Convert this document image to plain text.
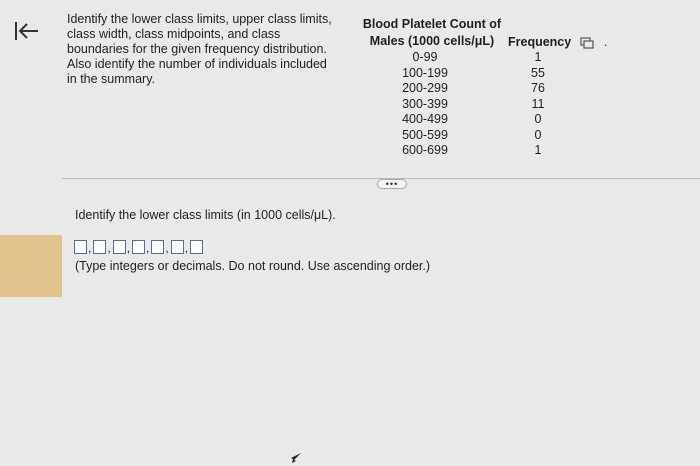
Identify the lower class limits, upper class limits,
class width, class midpoints, and class
boundaries for the given frequency distribution.
Also identify the number of individuals included
in the summary.
Blood Platelet Count of
Males (1000 cells/μL)	Frequency	.
0-99
100-199
200-299
300-399
400-499
500-599
600-699
1
55
76
11
0
0
1
•••
Identify the lower class limits (in 1000 cells/μL).
, , , , , ,
(Type integers or decimals. Do not round. Use ascending order.)
